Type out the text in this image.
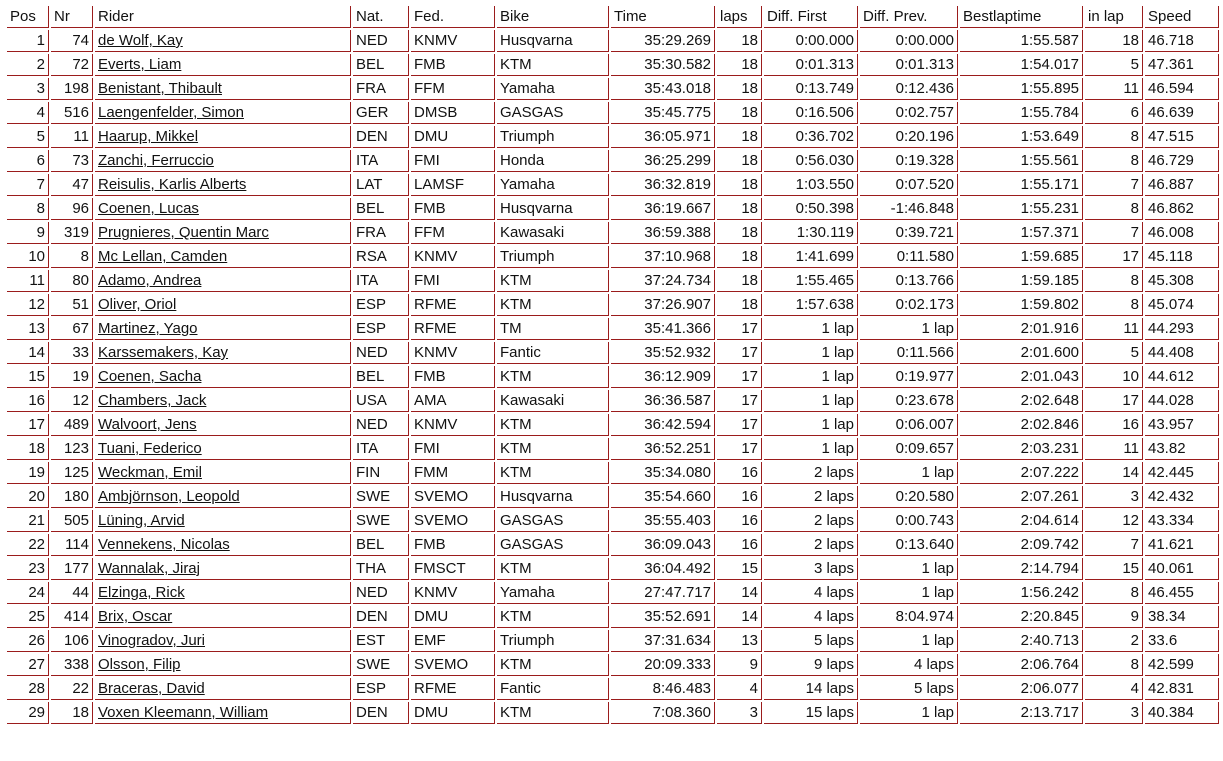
Pos	Nr	Rider	Nat.	Fed.	Bike	Time	laps	Diff. First	Diff. Prev.	Bestlaptime	in lap	Speed
1	74	de Wolf, Kay	NED	KNMV	Husqvarna	35:29.269	18	0:00.000	0:00.000	1:55.587	18	46.718
2	72	Everts, Liam	BEL	FMB	KTM	35:30.582	18	0:01.313	0:01.313	1:54.017	5	47.361
3	198	Benistant, Thibault	FRA	FFM	Yamaha	35:43.018	18	0:13.749	0:12.436	1:55.895	11	46.594
4	516	Laengenfelder, Simon	GER	DMSB	GASGAS	35:45.775	18	0:16.506	0:02.757	1:55.784	6	46.639
5	11	Haarup, Mikkel	DEN	DMU	Triumph	36:05.971	18	0:36.702	0:20.196	1:53.649	8	47.515
6	73	Zanchi, Ferruccio	ITA	FMI	Honda	36:25.299	18	0:56.030	0:19.328	1:55.561	8	46.729
7	47	Reisulis, Karlis Alberts	LAT	LAMSF	Yamaha	36:32.819	18	1:03.550	0:07.520	1:55.171	7	46.887
8	96	Coenen, Lucas	BEL	FMB	Husqvarna	36:19.667	18	0:50.398	-1:46.848	1:55.231	8	46.862
9	319	Prugnieres, Quentin Marc	FRA	FFM	Kawasaki	36:59.388	18	1:30.119	0:39.721	1:57.371	7	46.008
10	8	Mc Lellan, Camden	RSA	KNMV	Triumph	37:10.968	18	1:41.699	0:11.580	1:59.685	17	45.118
11	80	Adamo, Andrea	ITA	FMI	KTM	37:24.734	18	1:55.465	0:13.766	1:59.185	8	45.308
12	51	Oliver, Oriol	ESP	RFME	KTM	37:26.907	18	1:57.638	0:02.173	1:59.802	8	45.074
13	67	Martinez, Yago	ESP	RFME	TM	35:41.366	17	1 lap	1 lap	2:01.916	11	44.293
14	33	Karssemakers, Kay	NED	KNMV	Fantic	35:52.932	17	1 lap	0:11.566	2:01.600	5	44.408
15	19	Coenen, Sacha	BEL	FMB	KTM	36:12.909	17	1 lap	0:19.977	2:01.043	10	44.612
16	12	Chambers, Jack	USA	AMA	Kawasaki	36:36.587	17	1 lap	0:23.678	2:02.648	17	44.028
17	489	Walvoort, Jens	NED	KNMV	KTM	36:42.594	17	1 lap	0:06.007	2:02.846	16	43.957
18	123	Tuani, Federico	ITA	FMI	KTM	36:52.251	17	1 lap	0:09.657	2:03.231	11	43.82
19	125	Weckman, Emil	FIN	FMM	KTM	35:34.080	16	2 laps	1 lap	2:07.222	14	42.445
20	180	Ambjörnson, Leopold	SWE	SVEMO	Husqvarna	35:54.660	16	2 laps	0:20.580	2:07.261	3	42.432
21	505	Lüning, Arvid	SWE	SVEMO	GASGAS	35:55.403	16	2 laps	0:00.743	2:04.614	12	43.334
22	114	Vennekens, Nicolas	BEL	FMB	GASGAS	36:09.043	16	2 laps	0:13.640	2:09.742	7	41.621
23	177	Wannalak, Jiraj	THA	FMSCT	KTM	36:04.492	15	3 laps	1 lap	2:14.794	15	40.061
24	44	Elzinga, Rick	NED	KNMV	Yamaha	27:47.717	14	4 laps	1 lap	1:56.242	8	46.455
25	414	Brix, Oscar	DEN	DMU	KTM	35:52.691	14	4 laps	8:04.974	2:20.845	9	38.34
26	106	Vinogradov, Juri	EST	EMF	Triumph	37:31.634	13	5 laps	1 lap	2:40.713	2	33.6
27	338	Olsson, Filip	SWE	SVEMO	KTM	20:09.333	9	9 laps	4 laps	2:06.764	8	42.599
28	22	Braceras, David	ESP	RFME	Fantic	8:46.483	4	14 laps	5 laps	2:06.077	4	42.831
29	18	Voxen Kleemann, William	DEN	DMU	KTM	7:08.360	3	15 laps	1 lap	2:13.717	3	40.384
